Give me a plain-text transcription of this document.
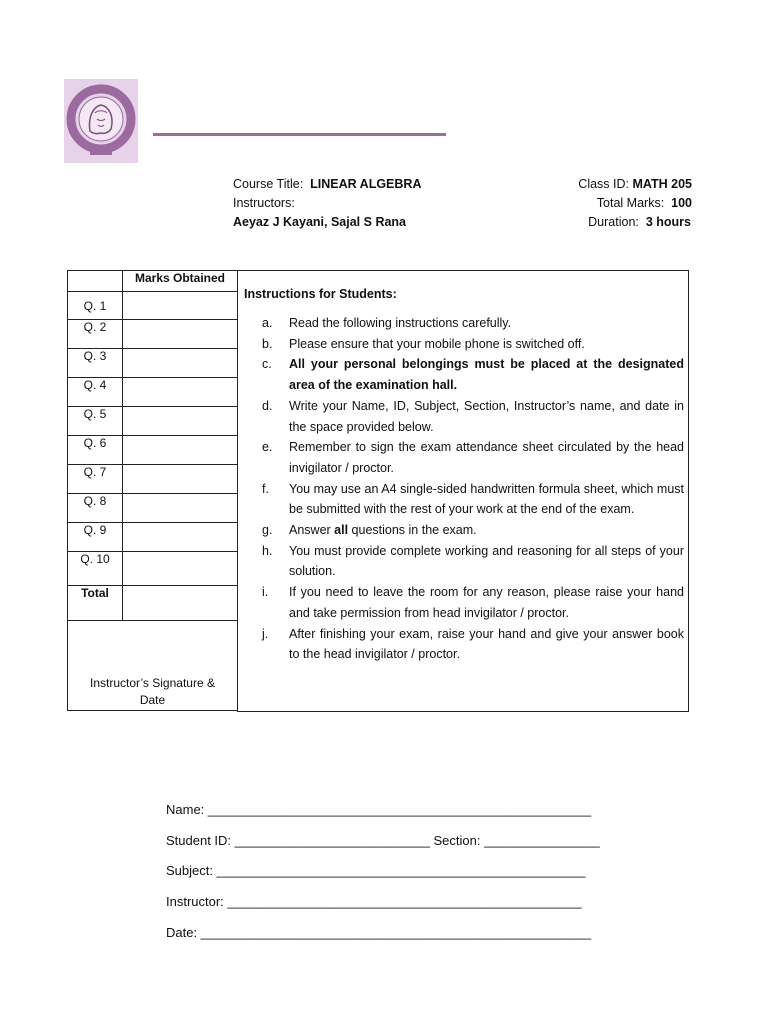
Course Title: LINEAR ALGEBRA
Instructors:
Aeyaz J Kayani, Sajal S Rana
Class ID: MATH 205
Total Marks: 100
Duration: 3 hours
	Marks Obtained
Q. 1	
Q. 2	
Q. 3	
Q. 4	
Q. 5	
Q. 6	
Q. 7	
Q. 8	
Q. 9	
Q. 10	
Total	

Instructor’s Signature & Date	
Instructions for Students:
a.	Read the following instructions carefully.
b.	Please ensure that your mobile phone is switched off.
c.	All your personal belongings must be placed at the designated area of the examination hall.
d.	Write your Name, ID, Subject, Section, Instructor’s name, and date in the space provided below.
e.	Remember to sign the exam attendance sheet circulated by the head invigilator / proctor.
f.	You may use an A4 single-sided handwritten formula sheet, which must be submitted with the rest of your work at the end of the exam.
g.	Answer all questions in the exam.
h.	You must provide complete working and reasoning for all steps of your solution.
i.	If you need to leave the room for any reason, please raise your hand and take permission from head invigilator / proctor.
j.	After finishing your exam, raise your hand and give your answer book to the head invigilator / proctor.
Name: _____________________________________________________
Student ID: ___________________________ Section: ________________
Subject: ___________________________________________________
Instructor: _________________________________________________
Date: ______________________________________________________
